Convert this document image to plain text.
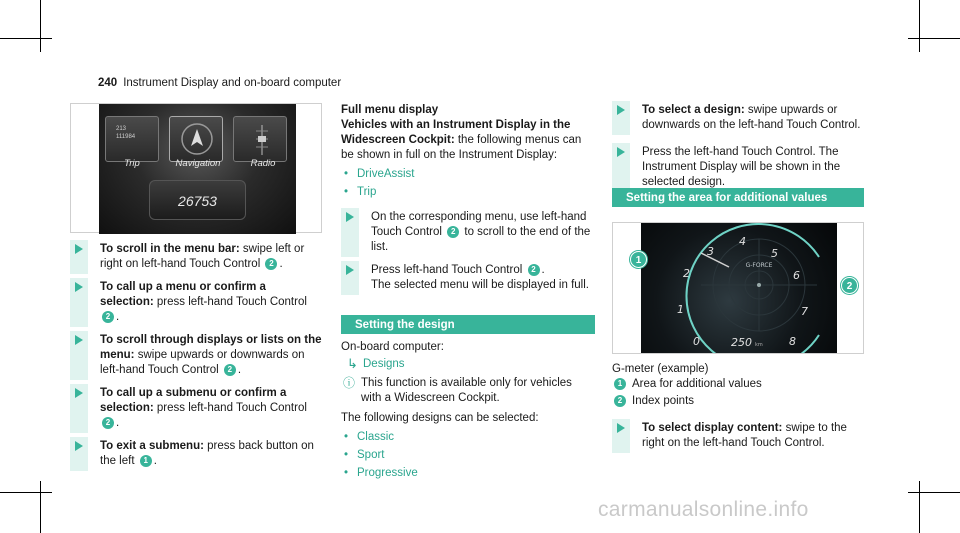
240 Instrument Display and on-board computer
213
111984
Trip	Navigation	Radio
26753
To scroll in the menu bar: swipe left or right on left-hand Touch Control 2 .
To call up a menu or confirm a selection: press left-hand Touch Control 2 .
To scroll through displays or lists on the menu: swipe upwards or downwards on left-hand Touch Control 2 .
To call up a submenu or confirm a selection: press left-hand Touch Control 2 .
To exit a submenu: press back button on the left 1 .
Full menu display
Vehicles with an Instrument Display in the Widescreen Cockpit: the following menus can be shown in full on the Instrument Display:
• DriveAssist
• Trip
On the corresponding menu, use left-hand Touch Control 2 to scroll to the end of the list.
Press left-hand Touch Control 2 .
The selected menu will be displayed in full.
Setting the design
On-board computer:
↳ Designs
ⓘ This function is available only for vehicles with a Widescreen Cockpit.
The following designs can be selected:
• Classic
• Sport
• Progressive
To select a design: swipe upwards or downwards on the left-hand Touch Control.
Press the left-hand Touch Control. The Instrument Display will be shown in the selected design.
Setting the area for additional values
G-FORCE
0
1
2
3
4
5
6
7
8
250 km
1
2
G-meter (example)
1 Area for additional values
2 Index points
To select display content: swipe to the right on the left-hand Touch Control.
carmanualsonline.info
